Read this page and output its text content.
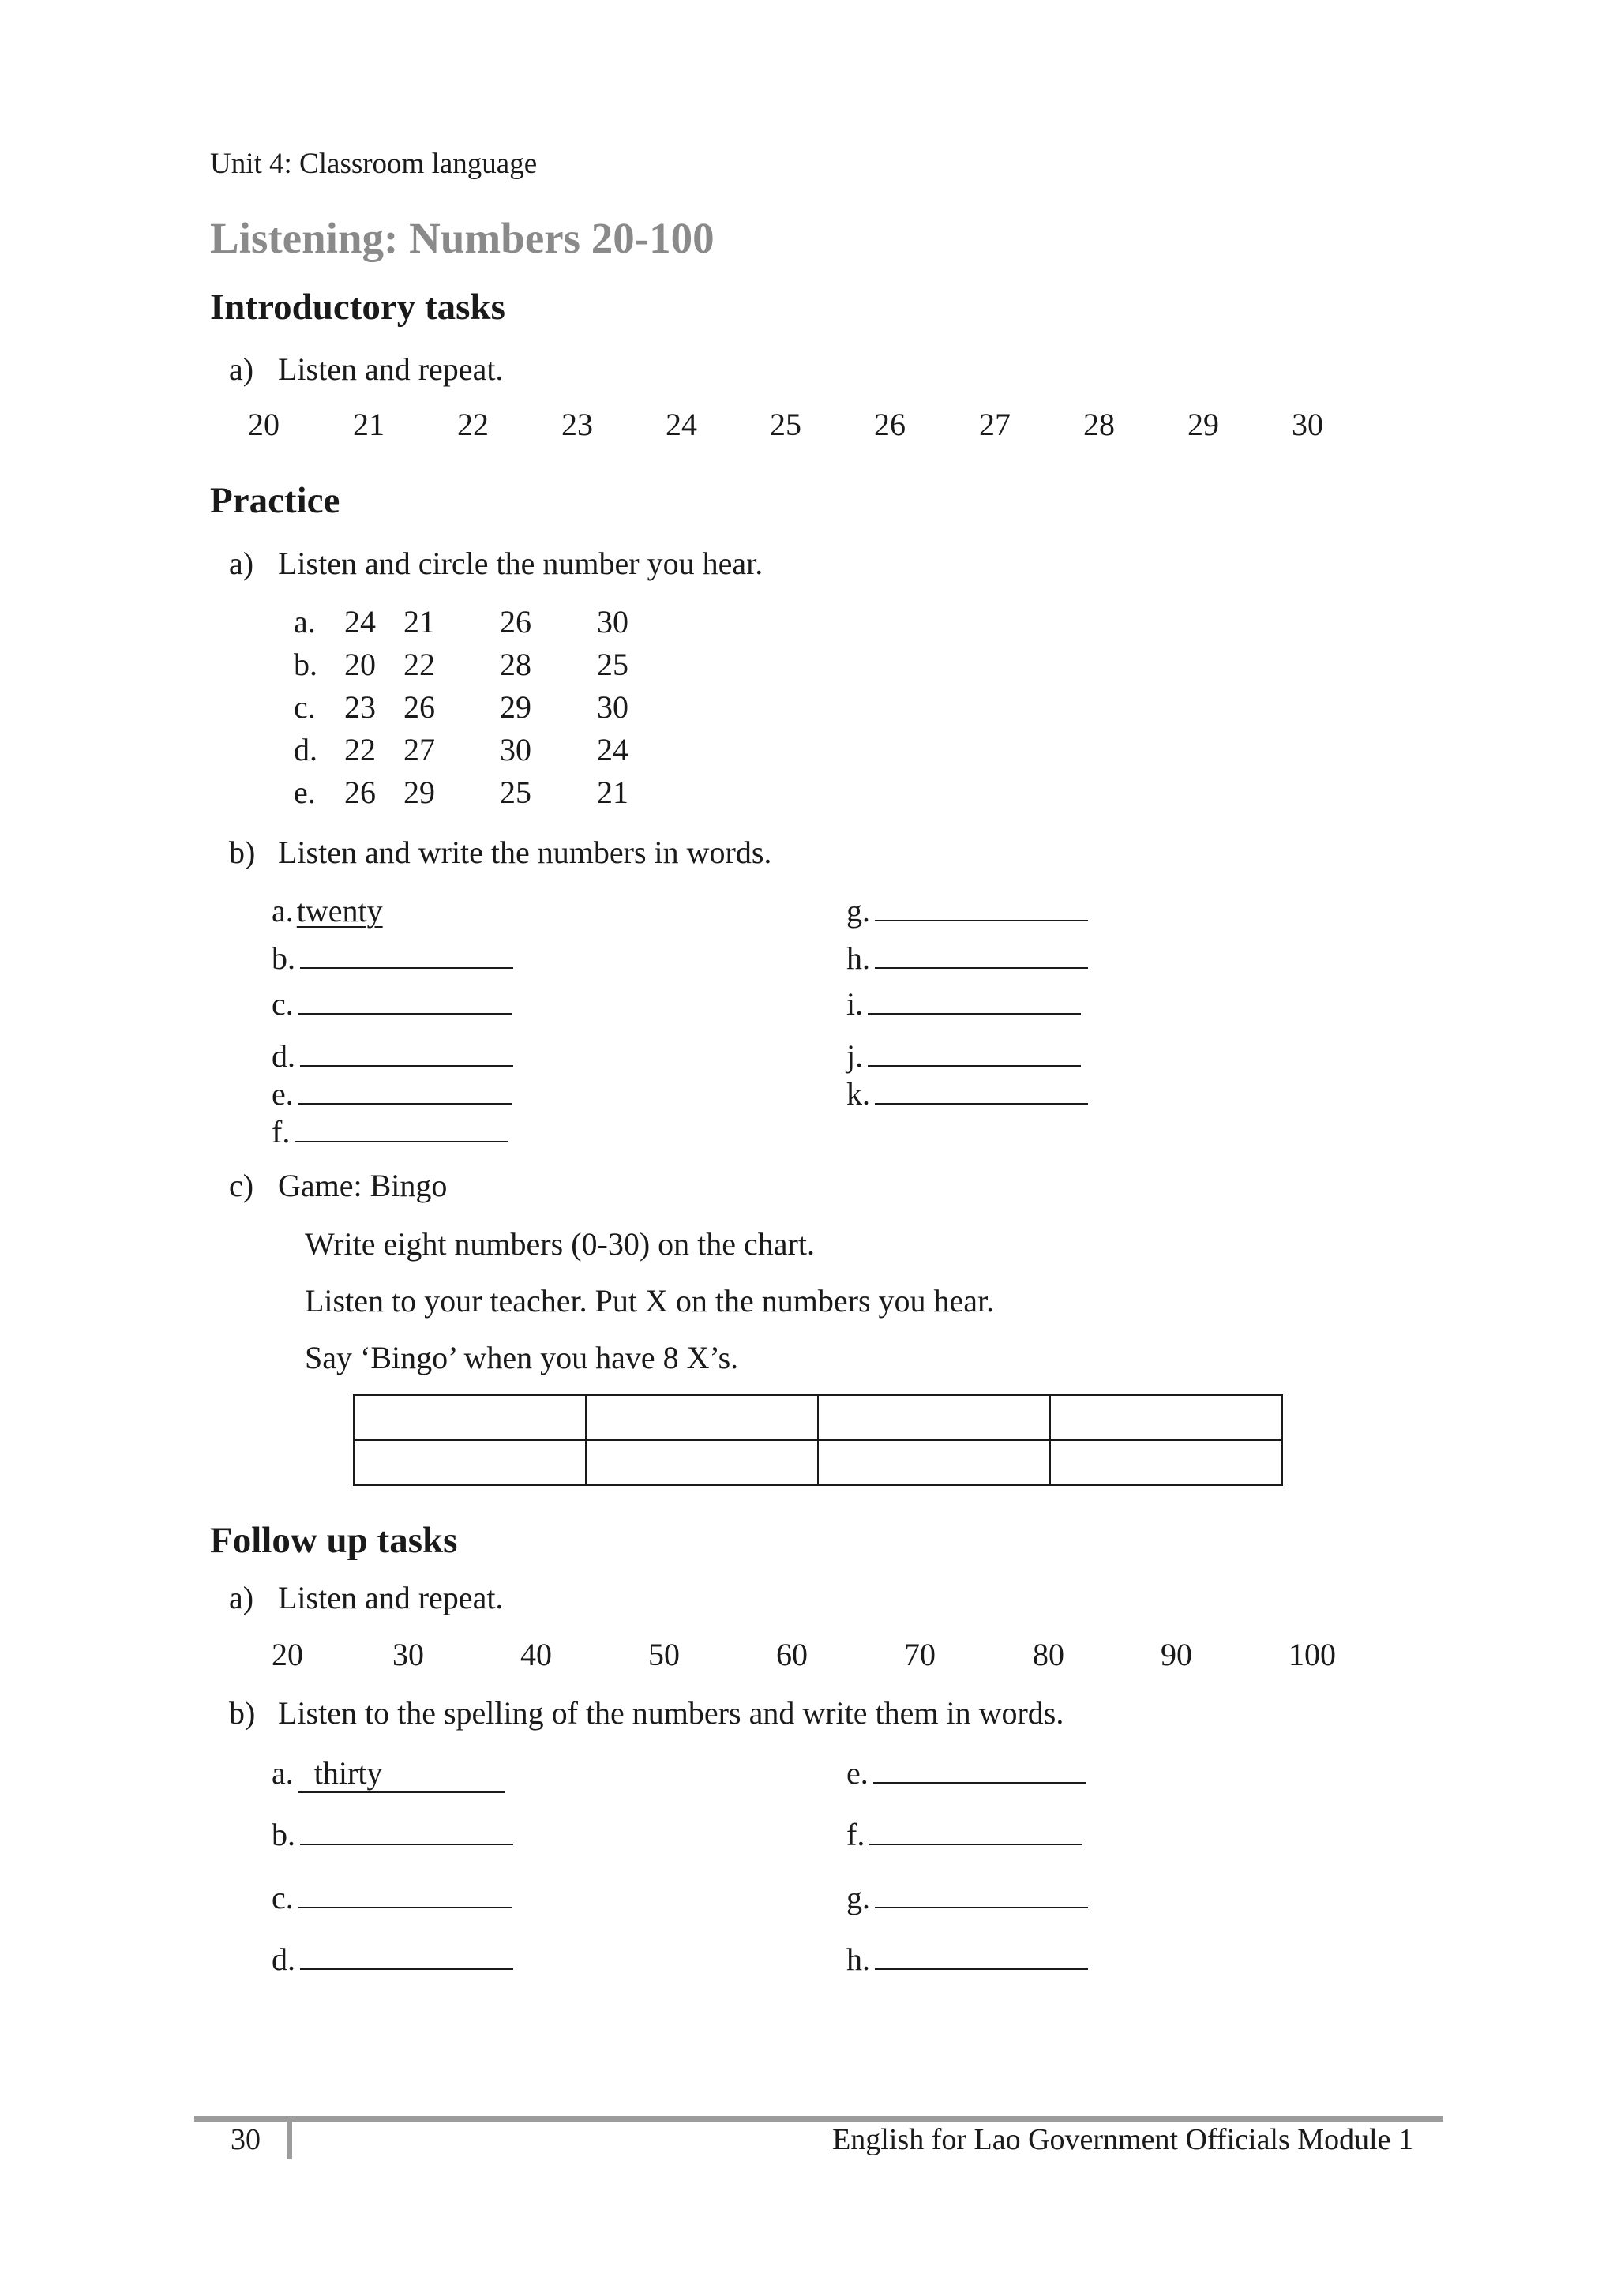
Unit 4: Classroom language
Listening: Numbers 20-100
Introductory tasks
a) Listen and repeat.
20 21 22 23 24 25 26 27 28 29 30
Practice
a) Listen and circle the number you hear.
a. 24 21 26 30
b. 20 22 28 25
c. 23 26 29 30
d. 22 27 30 24
e. 26 29 25 21
b) Listen and write the numbers in words.
a. twenty
b.
c.
d.
e.
f.
g.
h.
i.
j.
k.
c) Game: Bingo
Write eight numbers (0-30) on the chart.
Listen to your teacher. Put X on the numbers you hear.
Say ‘Bingo’ when you have 8 X’s.

Follow up tasks
a) Listen and repeat.
20	30	40	50	60	70	80	90	100
b) Listen to the spelling of the numbers and write them in words.
a. thirty
b.
c.
d.
e.
f.
g.
h.
30	English for Lao Government Officials Module 1
